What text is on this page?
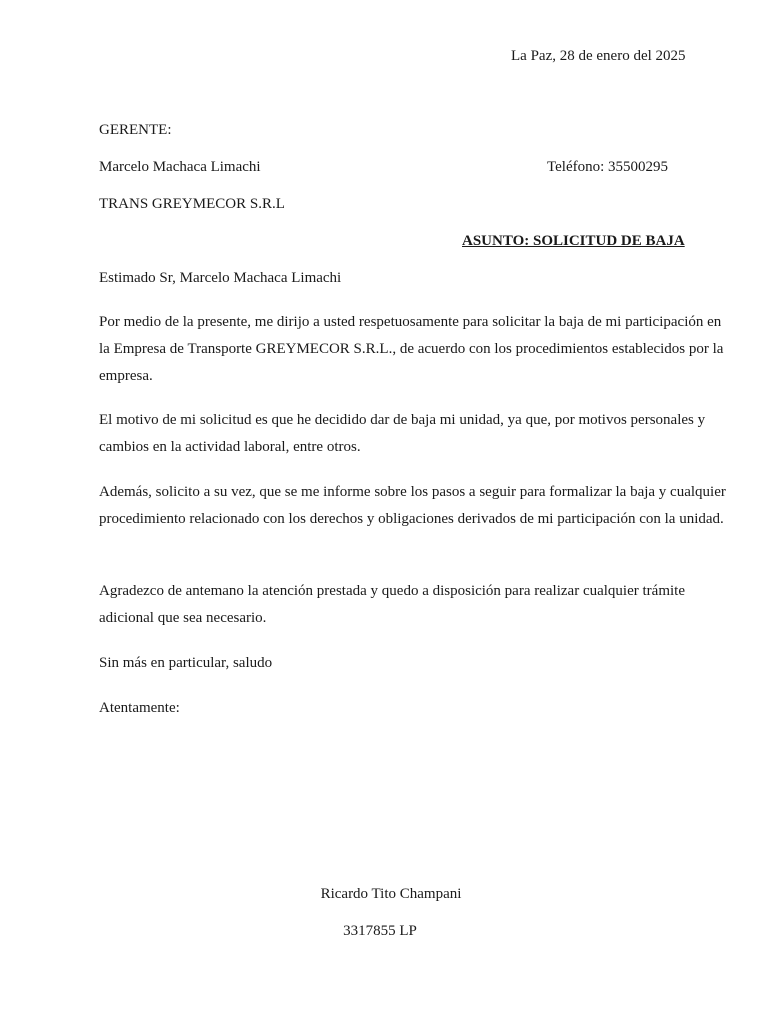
La Paz, 28 de enero del 2025
GERENTE:
Marcelo Machaca Limachi	Teléfono: 35500295
TRANS GREYMECOR S.R.L
ASUNTO: SOLICITUD DE BAJA
Estimado Sr, Marcelo Machaca Limachi

Por medio de la presente, me dirijo a usted respetuosamente para solicitar la baja de mi participación en la Empresa de Transporte GREYMECOR S.R.L., de acuerdo con los procedimientos establecidos por la empresa.

El motivo de mi solicitud es que he decidido dar de baja mi unidad, ya que, por motivos personales y cambios en la actividad laboral, entre otros.

Además, solicito a su vez, que se me informe sobre los pasos a seguir para formalizar la baja y cualquier procedimiento relacionado con los derechos y obligaciones derivados de mi participación con la unidad.

Agradezco de antemano la atención prestada y quedo a disposición para realizar cualquier trámite adicional que sea necesario.

Sin más en particular, saludo
Atentamente:
Ricardo Tito Champani
3317855 LP
